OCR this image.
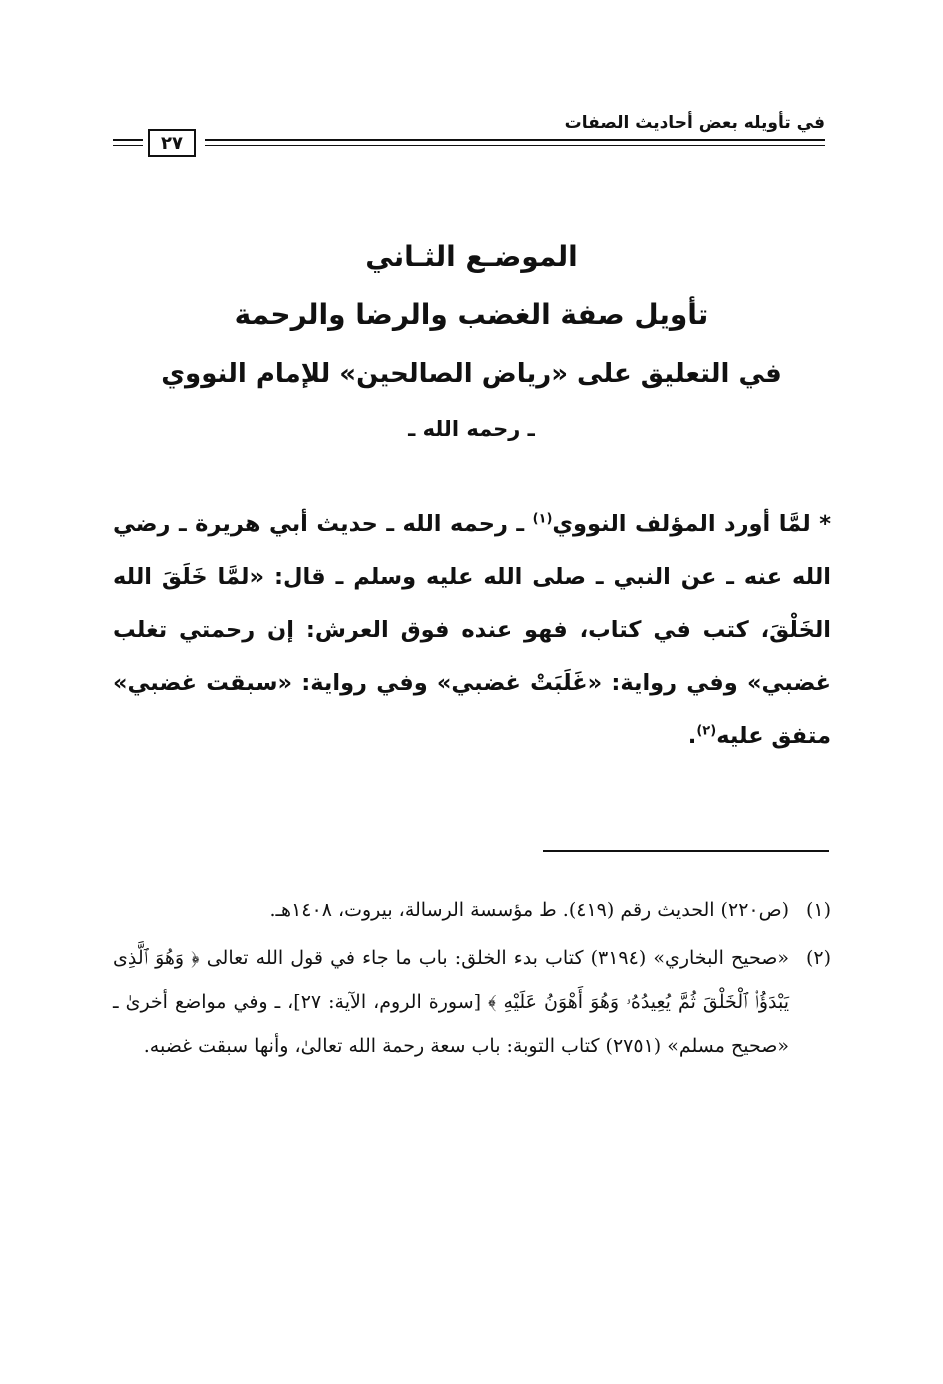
في تأويله بعض أحاديث الصفات
٢٧
الموضـع الثـاني
تأويل صفة الغضب والرضا والرحمة
في التعليق على «رياض الصالحين» للإمام النووي
ـ رحمه الله ـ
* لمَّا أورد المؤلف النووي$^{(١)}$ ـ رحمه الله ـ حديث أبي هريرة ـ رضي الله عنه ـ عن النبي ـ صلى الله عليه وسلم ـ قال: «لمَّا خَلَقَ الله الخَلْقَ، كتب في كتاب، فهو عنده فوق العرش: إن رحمتي تغلب غضبي» وفي رواية: «غَلَبَتْ غضبي» وفي رواية: «سبقت غضبي» متفق عليه$^{(٢)}$.
(١)
(ص٢٢٠) الحديث رقم (٤١٩). ط مؤسسة الرسالة، بيروت، ١٤٠٨هـ.
(٢)
«صحيح البخاري» (٣١٩٤) كتاب بدء الخلق: باب ما جاء في قول الله تعالى ﴿ وَهُوَ ٱلَّذِى يَبْدَؤُا۟ ٱلْخَلْقَ ثُمَّ يُعِيدُهُۥ وَهُوَ أَهْوَنُ عَلَيْهِ ﴾ [سورة الروم، الآية: ٢٧]، ـ وفي مواضع أخرىٰ ـ «صحيح مسلم» (٢٧٥١) كتاب التوبة: باب سعة رحمة الله تعالىٰ، وأنها سبقت غضبه.
